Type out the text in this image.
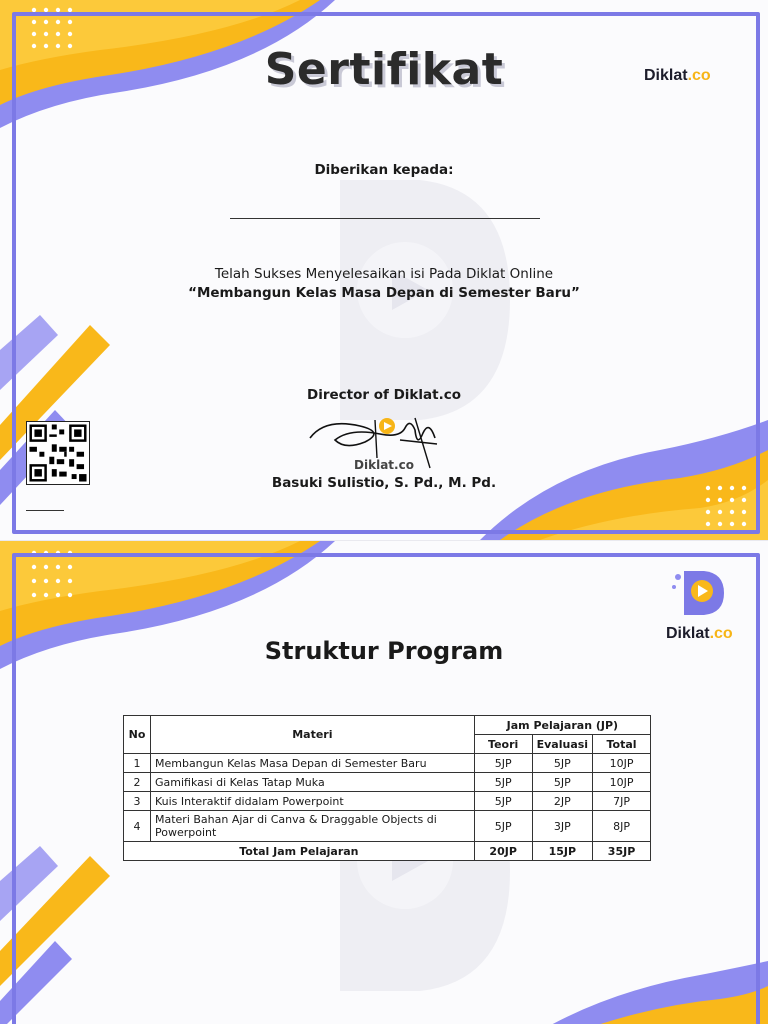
Diklat.co
Sertifikat
Diberikan kepada:
Telah Sukses Menyelesaikan isi Pada Diklat Online
“Membangun Kelas Masa Depan di Semester Baru”
Director of Diklat.co
Diklat.co
Basuki Sulistio, S. Pd., M. Pd.
Diklat.co
Struktur Program
No	Materi	Jam Pelajaran (JP)		
		Teori	Evaluasi	Total
1	Membangun Kelas Masa Depan di Semester Baru	5JP	5JP	10JP
2	Gamifikasi di Kelas Tatap Muka	5JP	5JP	10JP
3	Kuis Interaktif didalam Powerpoint	5JP	2JP	7JP
4	Materi Bahan Ajar di Canva & Draggable Objects di Powerpoint	5JP	3JP	8JP
Total Jam Pelajaran		20JP	15JP	35JP
